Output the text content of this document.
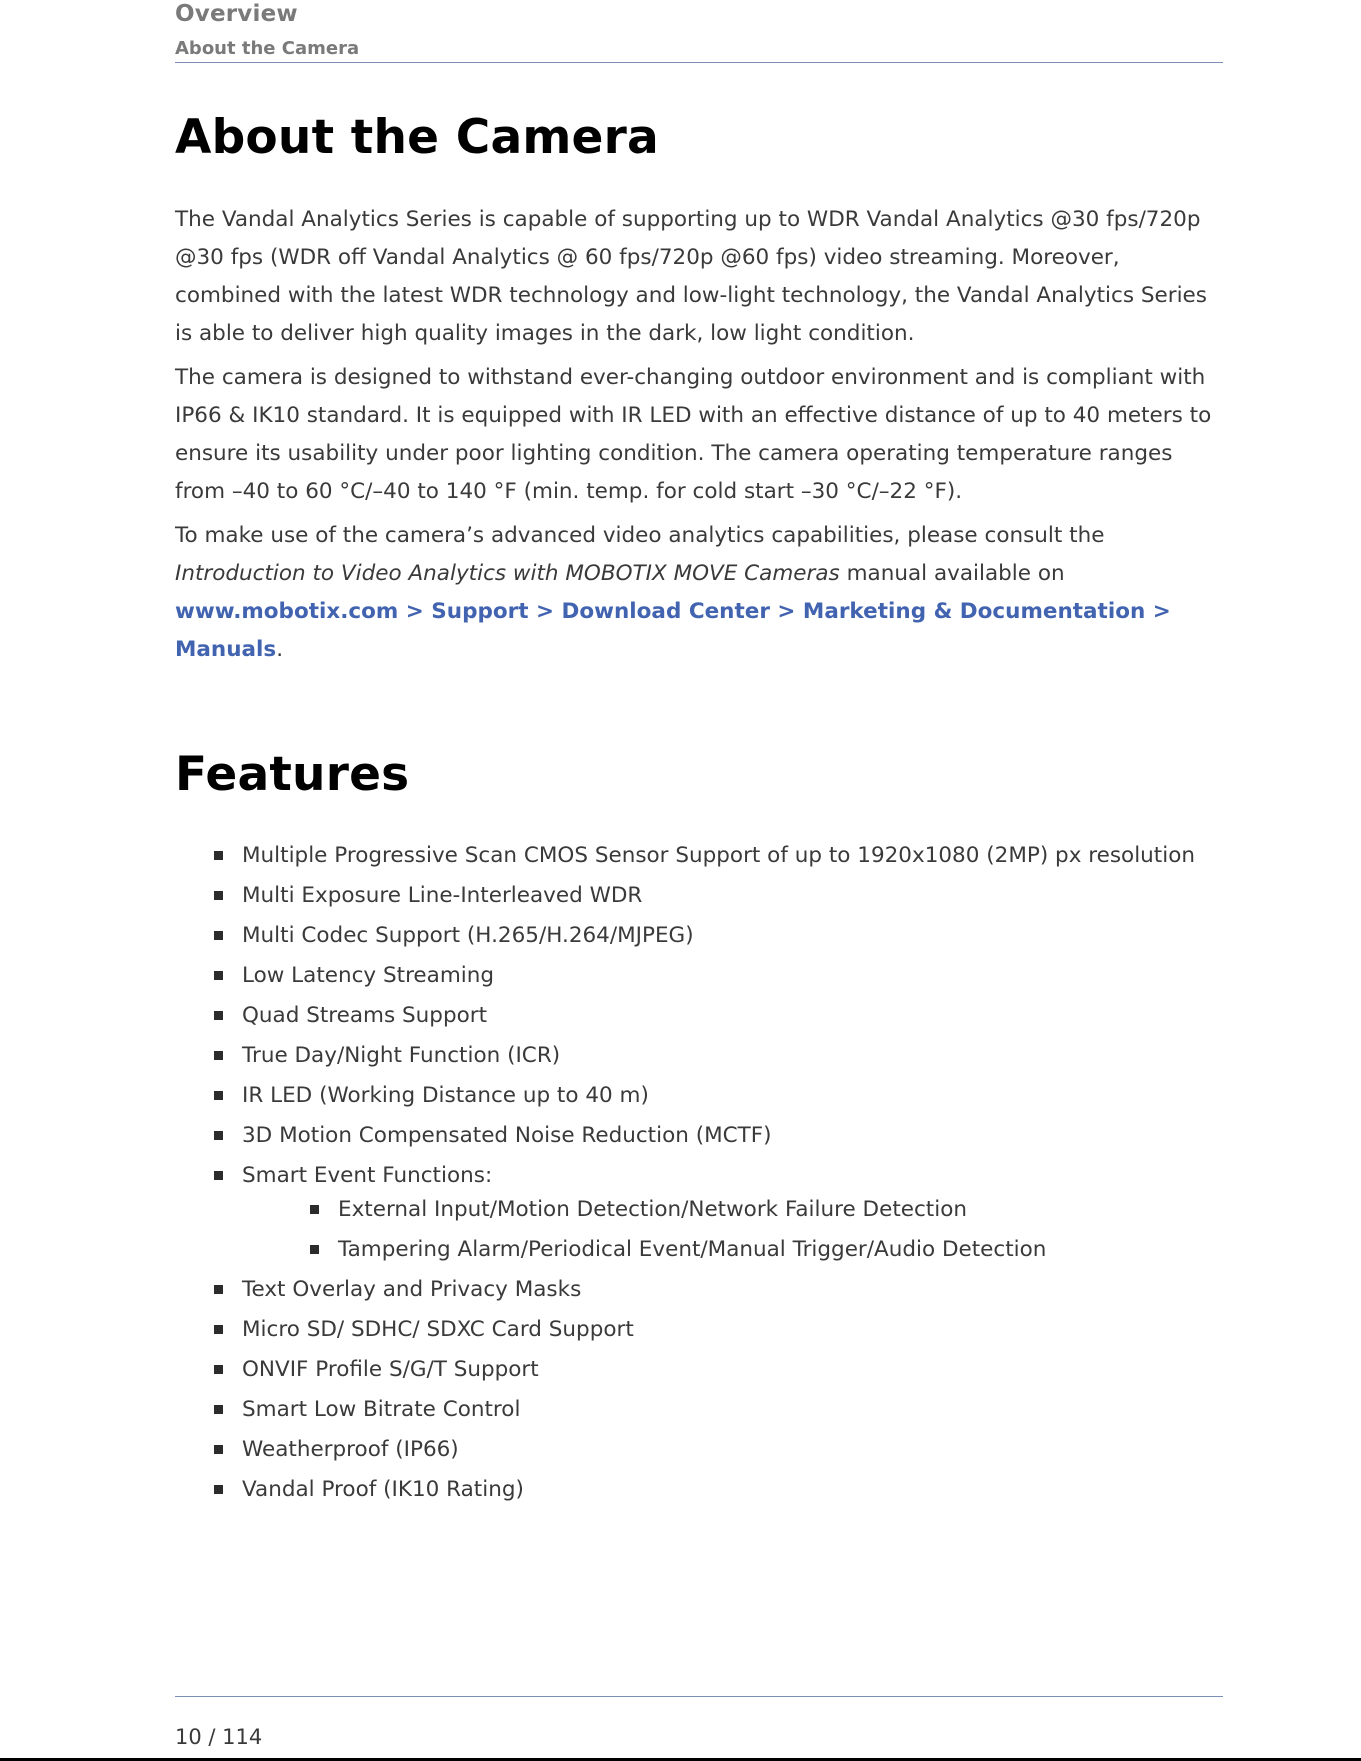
Overview
About the Camera
About the Camera

The Vandal Analytics Series is capable of supporting up to WDR Vandal Analytics @30 fps/720p @30 fps (WDR off Vandal Analytics @ 60 fps/720p @60 fps) video streaming. Moreover, combined with the latest WDR technology and low-light technology, the Vandal Analytics Series is able to deliver high quality images in the dark, low light condition.

The camera is designed to withstand ever-changing outdoor environment and is compliant with IP66 & IK10 standard. It is equipped with IR LED with an effective distance of up to 40 meters to ensure its usability under poor lighting condition. The camera operating temperature ranges from –40 to 60 °C/–40 to 140 °F (min. temp. for cold start –30 °C/–22 °F).

To make use of the camera’s advanced video analytics capabilities, please consult the Introduction to Video Analytics with MOBOTIX MOVE Cameras manual available on www.mobotix.com > Support > Download Center > Marketing & Documentation > Manuals.

Features
Multiple Progressive Scan CMOS Sensor Support of up to 1920x1080 (2MP) px resolution
Multi Exposure Line-Interleaved WDR
Multi Codec Support (H.265/H.264/MJPEG)
Low Latency Streaming
Quad Streams Support
True Day/Night Function (ICR)
IR LED (Working Distance up to 40 m)
3D Motion Compensated Noise Reduction (MCTF)
Smart Event Functions:
External Input/Motion Detection/Network Failure Detection
Tampering Alarm/Periodical Event/Manual Trigger/Audio Detection
Text Overlay and Privacy Masks
Micro SD/ SDHC/ SDXC Card Support
ONVIF Profile S/G/T Support
Smart Low Bitrate Control
Weatherproof (IP66)
Vandal Proof (IK10 Rating)
10 / 114
